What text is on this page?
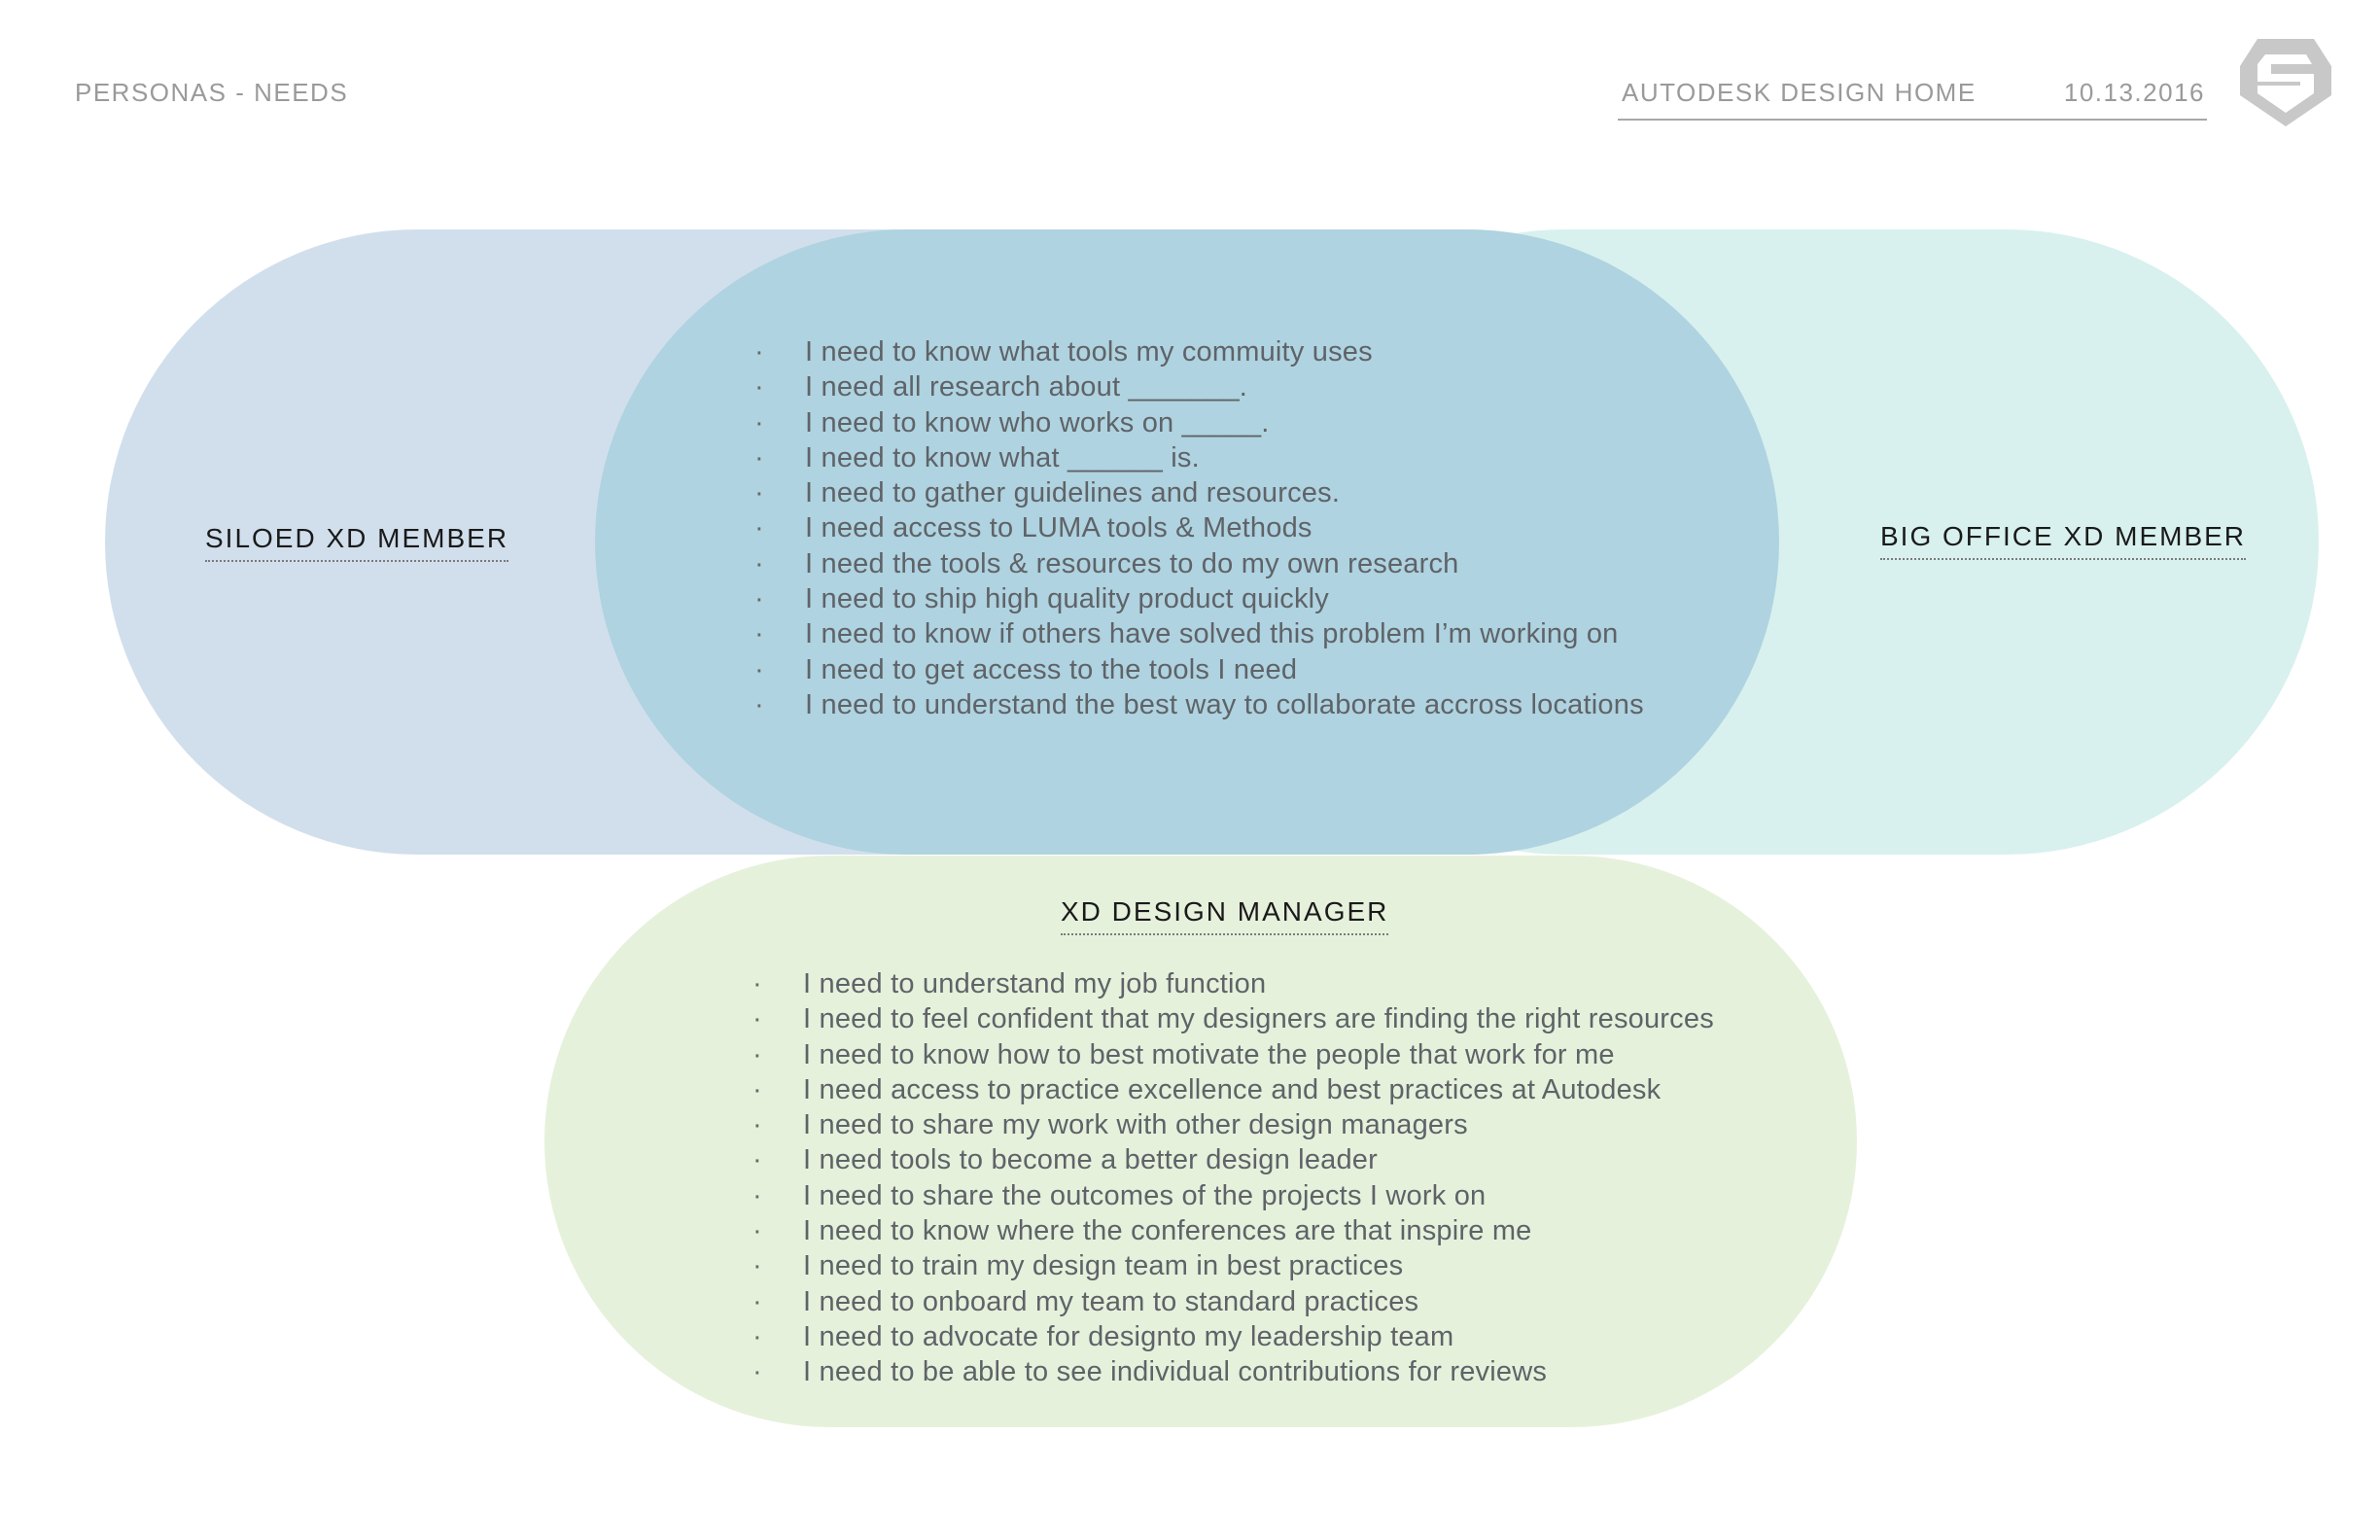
PERSONAS - NEEDS	AUTODESK DESIGN HOME	10.13.2016
SILOED XD MEMBER	BIG OFFICE XD MEMBER
XD DESIGN MANAGER
· I need to know what tools my commuity uses
· I need all research about _______.
· I need to know who works on _____.
· I need to know what ______ is.
· I need to gather guidelines and resources.
· I need access to LUMA tools & Methods
· I need the tools & resources to do my own research
· I need to ship high quality product quickly
· I need to know if others have solved this problem I’m working on
· I need to get access to the tools I need
· I need to understand the best way to collaborate accross locations
· I need to understand my job function
· I need to feel confident that my designers are finding the right resources
· I need to know how to best motivate the people that work for me
· I need access to practice excellence and best practices at Autodesk
· I need to share my work with other design managers
· I need tools to become a better design leader
· I need to share the outcomes of the projects I work on
· I need to know where the conferences are that inspire me
· I need to train my design team in best practices
· I need to onboard my team to standard practices
· I need to advocate for designto my leadership team
· I need to be able to see individual contributions for reviews
